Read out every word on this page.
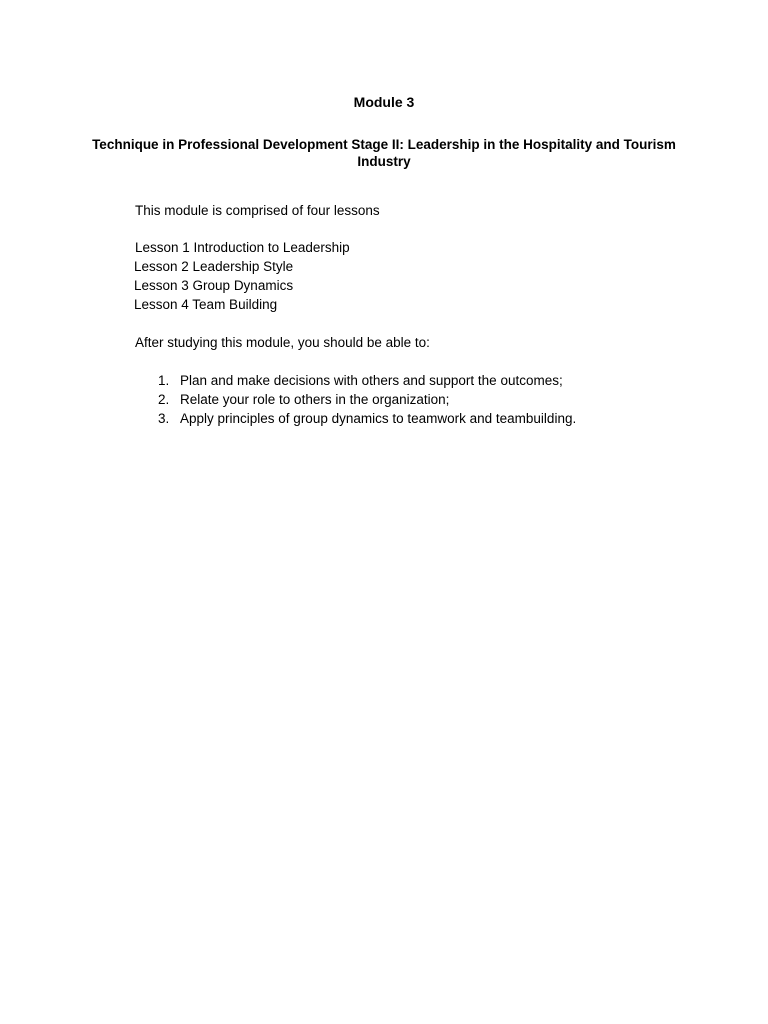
Module 3
Technique in Professional Development Stage II: Leadership in the Hospitality and Tourism Industry
This module is comprised of four lessons
Lesson 1 Introduction to Leadership
Lesson 2 Leadership Style
Lesson 3 Group Dynamics
Lesson 4 Team Building
After studying this module, you should be able to:
1. Plan and make decisions with others and support the outcomes;
2. Relate your role to others in the organization;
3. Apply principles of group dynamics to teamwork and teambuilding.
